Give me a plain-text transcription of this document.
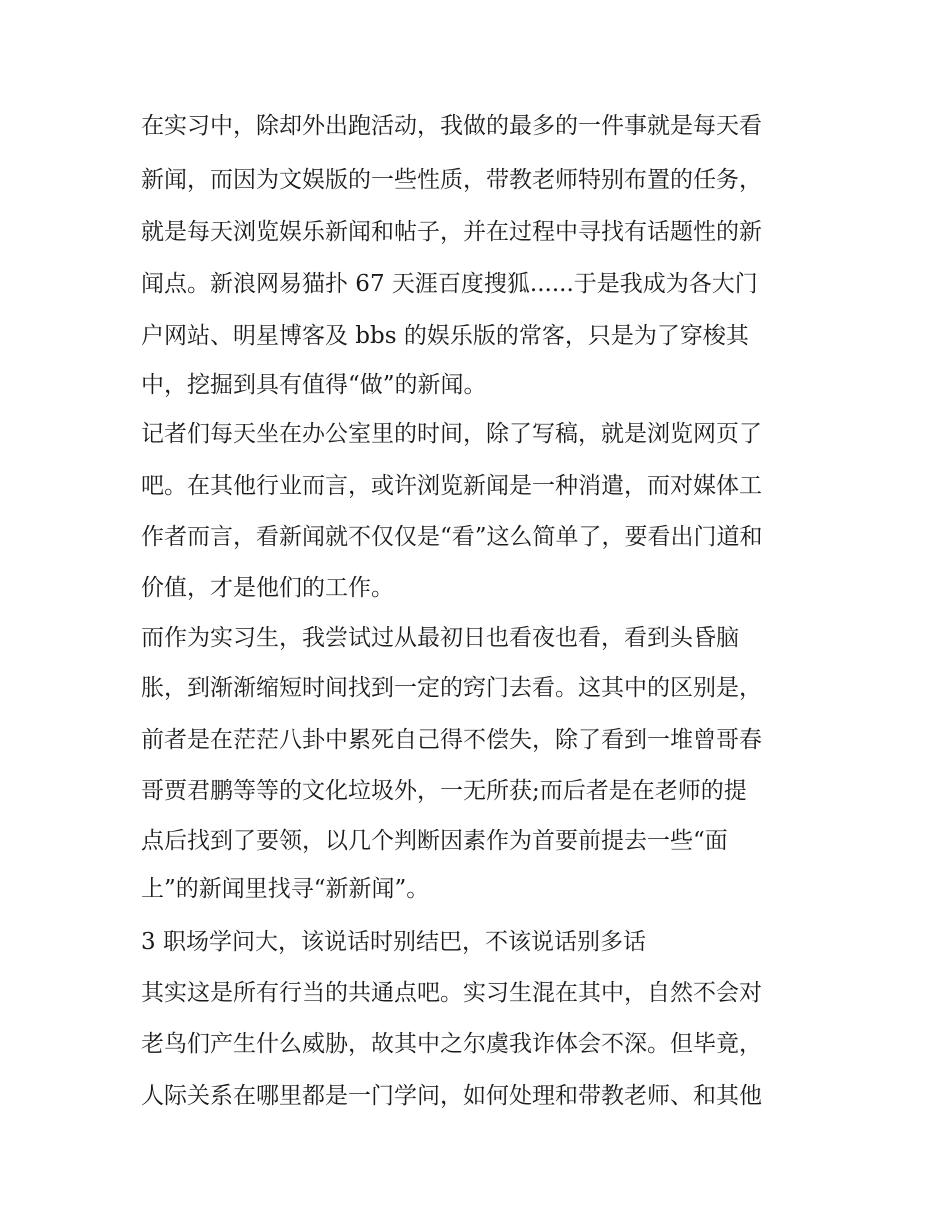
在实习中，除却外出跑活动，我做的最多的一件事就是每天看
新闻，而因为文娱版的一些性质，带教老师特别布置的任务，
就是每天浏览娱乐新闻和帖子，并在过程中寻找有话题性的新
闻点。新浪网易猫扑 67 天涯百度搜狐......于是我成为各大门
户网站、明星博客及 bbs 的娱乐版的常客，只是为了穿梭其
中，挖掘到具有值得“做”的新闻。
记者们每天坐在办公室里的时间，除了写稿，就是浏览网页了
吧。在其他行业而言，或许浏览新闻是一种消遣，而对媒体工
作者而言，看新闻就不仅仅是“看”这么简单了，要看出门道和
价值，才是他们的工作。
而作为实习生，我尝试过从最初日也看夜也看，看到头昏脑
胀，到渐渐缩短时间找到一定的窍门去看。这其中的区别是，
前者是在茫茫八卦中累死自己得不偿失，除了看到一堆曾哥春
哥贾君鹏等等的文化垃圾外，一无所获;而后者是在老师的提
点后找到了要领，以几个判断因素作为首要前提去一些“面
上”的新闻里找寻“新新闻”。
3 职场学问大，该说话时别结巴，不该说话别多话
其实这是所有行当的共通点吧。实习生混在其中，自然不会对
老鸟们产生什么威胁，故其中之尔虞我诈体会不深。但毕竟，
人际关系在哪里都是一门学问，如何处理和带教老师、和其他
